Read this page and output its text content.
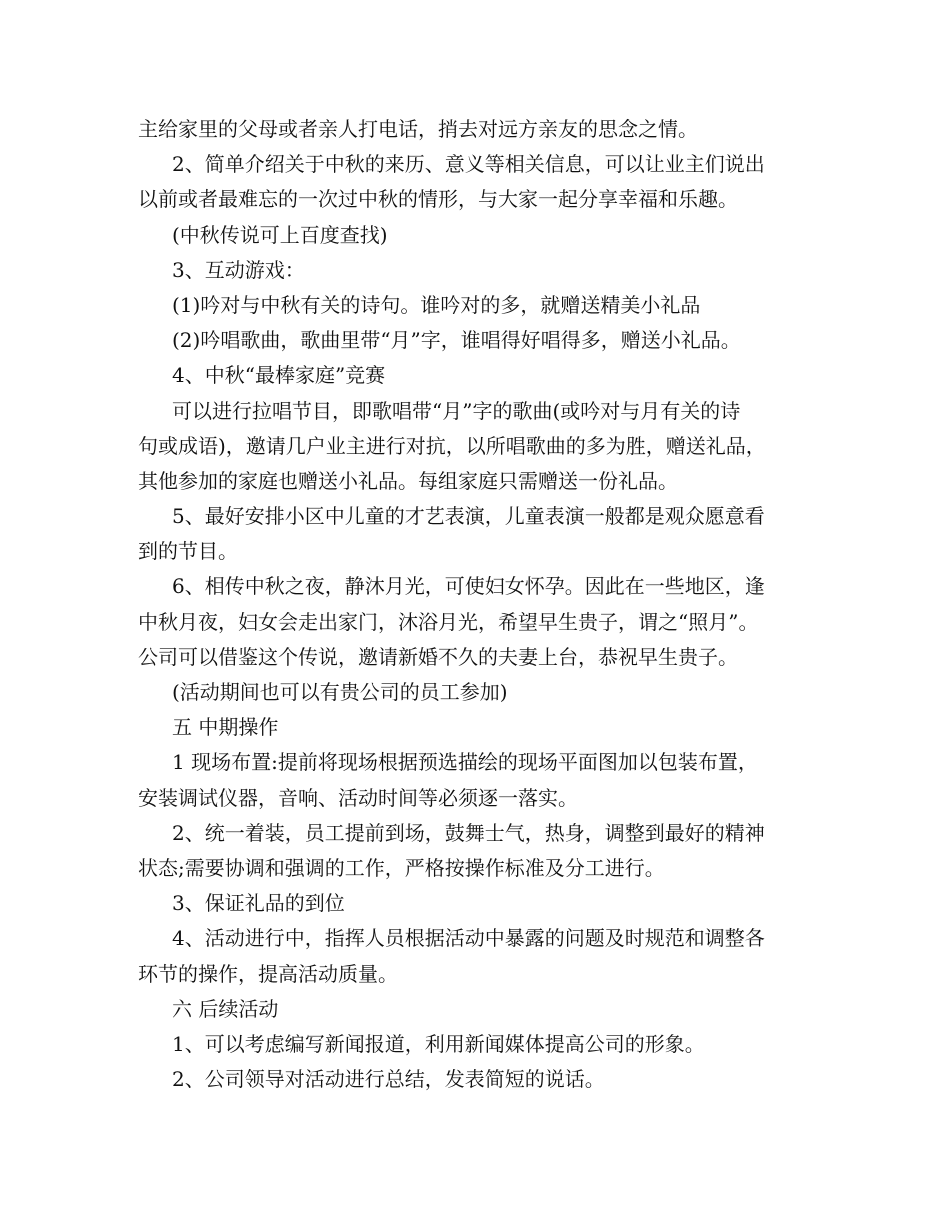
主给家里的父母或者亲人打电话，捎去对远方亲友的思念之情。
2、简单介绍关于中秋的来历、意义等相关信息，可以让业主们说出
以前或者最难忘的一次过中秋的情形，与大家一起分享幸福和乐趣。
(中秋传说可上百度查找)
3、互动游戏：
(1)吟对与中秋有关的诗句。谁吟对的多，就赠送精美小礼品
(2)吟唱歌曲，歌曲里带“月”字，谁唱得好唱得多，赠送小礼品。
4、中秋“最棒家庭”竞赛
可以进行拉唱节目，即歌唱带“月”字的歌曲(或吟对与月有关的诗
句或成语)，邀请几户业主进行对抗，以所唱歌曲的多为胜，赠送礼品，
其他参加的家庭也赠送小礼品。每组家庭只需赠送一份礼品。
5、最好安排小区中儿童的才艺表演，儿童表演一般都是观众愿意看
到的节目。
6、相传中秋之夜，静沐月光，可使妇女怀孕。因此在一些地区，逢
中秋月夜，妇女会走出家门，沐浴月光，希望早生贵子，谓之“照月”。
公司可以借鉴这个传说，邀请新婚不久的夫妻上台，恭祝早生贵子。
(活动期间也可以有贵公司的员工参加)
五 中期操作
1 现场布置:提前将现场根据预选描绘的现场平面图加以包装布置，
安装调试仪器，音响、活动时间等必须逐一落实。
2、统一着装，员工提前到场，鼓舞士气，热身，调整到最好的精神
状态;需要协调和强调的工作，严格按操作标准及分工进行。
3、保证礼品的到位
4、活动进行中，指挥人员根据活动中暴露的问题及时规范和调整各
环节的操作，提高活动质量。
六 后续活动
1、可以考虑编写新闻报道，利用新闻媒体提高公司的形象。
2、公司领导对活动进行总结，发表简短的说话。
